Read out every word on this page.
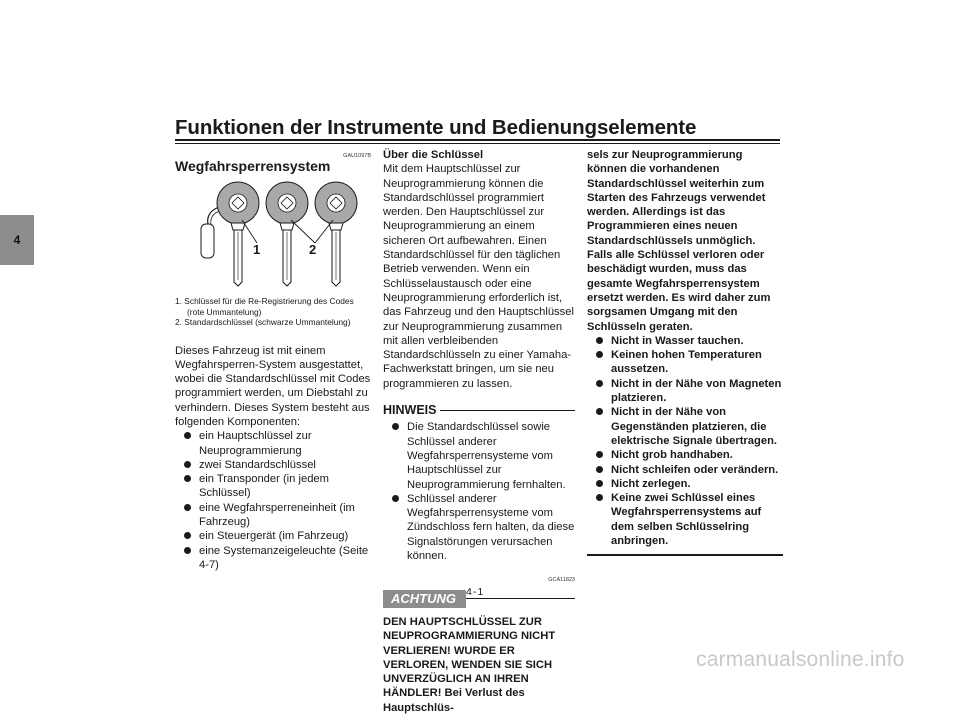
Funktionen der Instrumente und Bedienungselemente
4
GAU1097B
Wegfahrsperrensystem
1	2
1. Schlüssel für die Re-Registrierung des Codes (rote Ummantelung)
2. Standardschlüssel (schwarze Ummantelung)

Dieses Fahrzeug ist mit einem Wegfahrsperren-System ausgestattet, wobei die Standardschlüssel mit Codes programmiert werden, um Diebstahl zu verhindern. Dieses System besteht aus folgenden Komponenten:

ein Hauptschlüssel zur Neuprogrammierung
zwei Standardschlüssel
ein Transponder (in jedem Schlüssel)
eine Wegfahrsperreneinheit (im Fahrzeug)
ein Steuergerät (im Fahrzeug)
eine Systemanzeigeleuchte (Seite 4-7)
Über die Schlüssel

Mit dem Hauptschlüssel zur Neuprogrammierung können die Standardschlüssel programmiert werden. Den Hauptschlüssel zur Neuprogrammierung an einem sicheren Ort aufbewahren. Einen Standardschlüssel für den täglichen Betrieb verwenden. Wenn ein Schlüsselaustausch oder eine Neuprogrammierung erforderlich ist, das Fahrzeug und den Hauptschlüssel zur Neuprogrammierung zusammen mit allen verbleibenden Standardschlüsseln zu einer Yamaha-Fachwerkstatt bringen, um sie neu programmieren zu lassen.

HINWEIS
Die Standardschlüssel sowie Schlüssel anderer Wegfahrsperrensysteme vom Hauptschlüssel zur Neuprogrammierung fernhalten.
Schlüssel anderer Wegfahrsperrensysteme vom Zündschloss fern halten, da diese Signalstörungen verursachen können.
GCA11823
ACHTUNG

DEN HAUPTSCHLÜSSEL ZUR NEUPROGRAMMIERUNG NICHT VERLIEREN! WURDE ER VERLOREN, WENDEN SIE SICH UNVERZÜGLICH AN IHREN HÄNDLER! Bei Verlust des Hauptschlüs-

sels zur Neuprogrammierung können die vorhandenen Standardschlüssel weiterhin zum Starten des Fahrzeugs verwendet werden. Allerdings ist das Programmieren eines neuen Standardschlüssels unmöglich. Falls alle Schlüssel verloren oder beschädigt wurden, muss das gesamte Wegfahrsperrensystem ersetzt werden. Es wird daher zum sorgsamen Umgang mit den Schlüsseln geraten.

Nicht in Wasser tauchen.
Keinen hohen Temperaturen aussetzen.
Nicht in der Nähe von Magneten platzieren.
Nicht in der Nähe von Gegenständen platzieren, die elektrische Signale übertragen.
Nicht grob handhaben.
Nicht schleifen oder verändern.
Nicht zerlegen.
Keine zwei Schlüssel eines Wegfahrsperrensystems auf dem selben Schlüsselring anbringen.
4-1
carmanualsonline.info
